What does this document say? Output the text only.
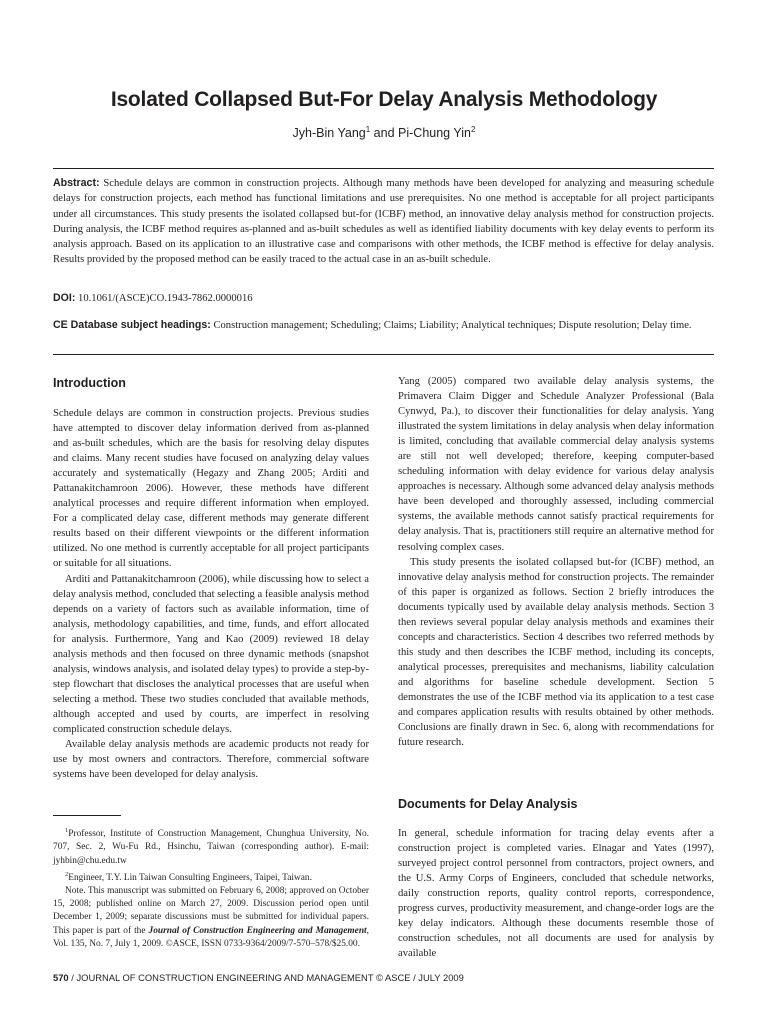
Isolated Collapsed But-For Delay Analysis Methodology
Jyh-Bin Yang$^1$ and Pi-Chung Yin$^2$
Abstract: Schedule delays are common in construction projects. Although many methods have been developed for analyzing and measuring schedule delays for construction projects, each method has functional limitations and use prerequisites. No one method is acceptable for all project participants under all circumstances. This study presents the isolated collapsed but-for (ICBF) method, an innovative delay analysis method for construction projects. During analysis, the ICBF method requires as-planned and as-built schedules as well as identified liability documents with key delay events to perform its analysis approach. Based on its application to an illustrative case and comparisons with other methods, the ICBF method is effective for delay analysis. Results provided by the proposed method can be easily traced to the actual case in an as-built schedule.
DOI: 10.1061/(ASCE)CO.1943-7862.0000016
CE Database subject headings: Construction management; Scheduling; Claims; Liability; Analytical techniques; Dispute resolution; Delay time.
Introduction

Schedule delays are common in construction projects. Previous studies have attempted to discover delay information derived from as-planned and as-built schedules, which are the basis for resolving delay disputes and claims. Many recent studies have focused on analyzing delay values accurately and systematically (Hegazy and Zhang 2005; Arditi and Pattanakitchamroon 2006). However, these methods have different analytical processes and require different information when employed. For a complicated delay case, different methods may generate different results based on their different viewpoints or the different information utilized. No one method is currently acceptable for all project participants or suitable for all situations.

Arditi and Pattanakitchamroon (2006), while discussing how to select a delay analysis method, concluded that selecting a feasible analysis method depends on a variety of factors such as available information, time of analysis, methodology capabilities, and time, funds, and effort allocated for analysis. Furthermore, Yang and Kao (2009) reviewed 18 delay analysis methods and then focused on three dynamic methods (snapshot analysis, windows analysis, and isolated delay types) to provide a step-by-step flowchart that discloses the analytical processes that are useful when selecting a method. These two studies concluded that available methods, although accepted and used by courts, are imperfect in resolving complicated construction schedule delays.

Available delay analysis methods are academic products not ready for use by most owners and contractors. Therefore, commercial software systems have been developed for delay analysis.

$^1$Professor, Institute of Construction Management, Chunghua University, No. 707, Sec. 2, Wu-Fu Rd., Hsinchu, Taiwan (corresponding author). E-mail: jyhbin@chu.edu.tw

$^2$Engineer, T.Y. Lin Taiwan Consulting Engineers, Taipei, Taiwan.

Note. This manuscript was submitted on February 6, 2008; approved on October 15, 2008; published online on March 27, 2009. Discussion period open until December 1, 2009; separate discussions must be submitted for individual papers. This paper is part of the Journal of Construction Engineering and Management, Vol. 135, No. 7, July 1, 2009. ©ASCE, ISSN 0733-9364/2009/7-570–578/$25.00.

Yang (2005) compared two available delay analysis systems, the Primavera Claim Digger and Schedule Analyzer Professional (Bala Cynwyd, Pa.), to discover their functionalities for delay analysis. Yang illustrated the system limitations in delay analysis when delay information is limited, concluding that available commercial delay analysis systems are still not well developed; therefore, keeping computer-based scheduling information with delay evidence for various delay analysis approaches is necessary. Although some advanced delay analysis methods have been developed and thoroughly assessed, including commercial systems, the available methods cannot satisfy practical requirements for delay analysis. That is, practitioners still require an alternative method for resolving complex cases.

This study presents the isolated collapsed but-for (ICBF) method, an innovative delay analysis method for construction projects. The remainder of this paper is organized as follows. Section 2 briefly introduces the documents typically used by available delay analysis methods. Section 3 then reviews several popular delay analysis methods and examines their concepts and characteristics. Section 4 describes two referred methods by this study and then describes the ICBF method, including its concepts, analytical processes, prerequisites and mechanisms, liability calculation and algorithms for baseline schedule development. Section 5 demonstrates the use of the ICBF method via its application to a test case and compares application results with results obtained by other methods. Conclusions are finally drawn in Sec. 6, along with recommendations for future research.

Documents for Delay Analysis

In general, schedule information for tracing delay events after a construction project is completed varies. Elnagar and Yates (1997), surveyed project control personnel from contractors, project owners, and the U.S. Army Corps of Engineers, concluded that schedule networks, daily construction reports, quality control reports, correspondence, progress curves, productivity measurement, and change-order logs are the key delay indicators. Although these documents resemble those of construction schedules, not all documents are used for analysis by available

570 / JOURNAL OF CONSTRUCTION ENGINEERING AND MANAGEMENT © ASCE / JULY 2009
